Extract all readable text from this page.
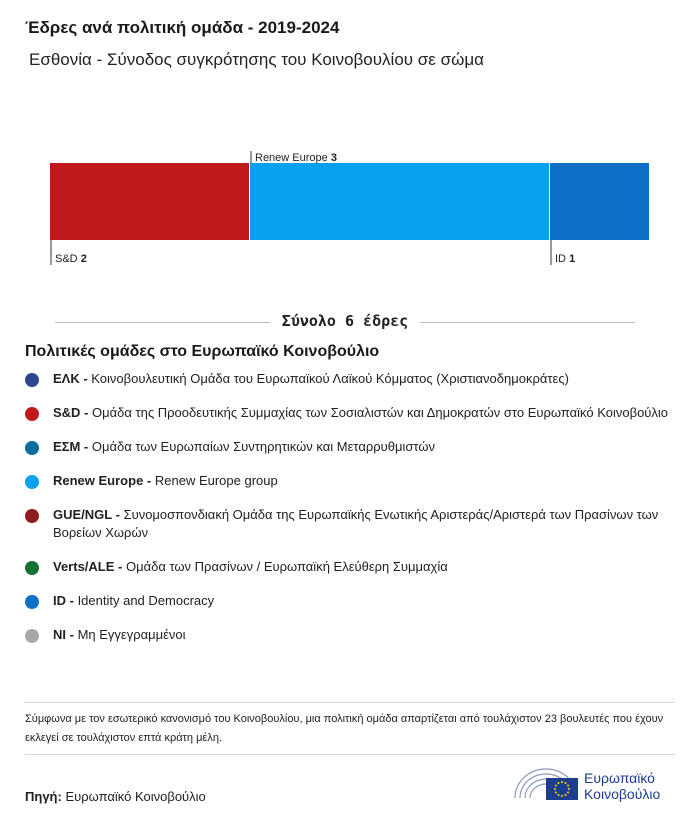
Έδρες ανά πολιτική ομάδα - 2019-2024
Εσθονία - Σύνοδος συγκρότησης του Κοινοβουλίου σε σώμα
S&D 2
Renew Europe 3
ID 1
Σύνολο 6 έδρες
Πολιτικές ομάδες στο Ευρωπαϊκό Κοινοβούλιο
ΕΛΚ - Κοινοβουλευτική Ομάδα του Ευρωπαϊκού Λαϊκού Κόμματος (Χριστιανοδημοκράτες)
S&D - Ομάδα της Προοδευτικής Συμμαχίας των Σοσιαλιστών και Δημοκρατών στο Ευρωπαϊκό Κοινοβούλιο
ΕΣΜ - Ομάδα των Ευρωπαίων Συντηρητικών και Μεταρρυθμιστών
Renew Europe - Renew Europe group
GUE/NGL - Συνομοσπονδιακή Ομάδα της Ευρωπαϊκής Ενωτικής Αριστεράς/Αριστερά των Πρασίνων των Βορείων Χωρών
Verts/ALE - Ομάδα των Πρασίνων / Ευρωπαϊκή Ελεύθερη Συμμαχία
ID - Identity and Democracy
NI - Μη Εγγεγραμμένοι
Σύμφωνα με τον εσωτερικό κανονισμό του Κοινοβουλίου, μια πολιτική ομάδα απαρτίζεται από τουλάχιστον 23 βουλευτές που έχουν εκλεγεί σε τουλάχιστον επτά κράτη μέλη.
Πηγή: Ευρωπαϊκό Κοινοβούλιο
Ευρωπαϊκό
Κοινοβούλιο
